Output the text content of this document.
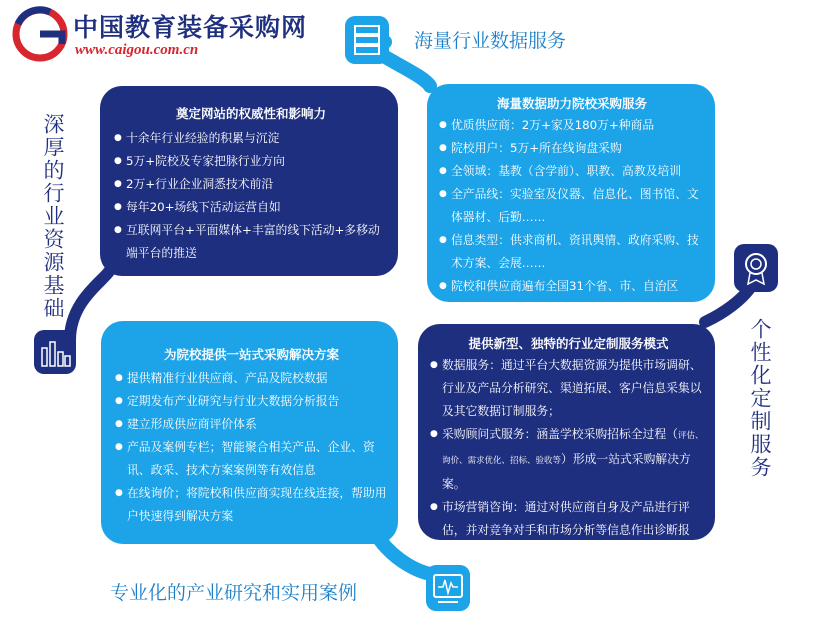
中国教育装备采购网
www.caigou.com.cn	海量行业数据服务
深厚的行业资源基础
个性化定制服务
专业化的产业研究和实用案例

奠定网站的权威性和影响力

● 十余年行业经验的积累与沉淀
● 5万+院校及专家把脉行业方向
● 2万+行业企业洞悉技术前沿
● 每年20+场线下活动运营自如
● 互联网平台+平面媒体+丰富的线下活动+多移动端平台的推送

海量数据助力院校采购服务

● 优质供应商：2万+家及180万+种商品
● 院校用户：5万+所在线询盘采购
● 全领域：基教（含学前）、职教、高教及培训
● 全产品线：实验室及仪器、信息化、图书馆、文体器材、后勤……
● 信息类型：供求商机、资讯舆情、政府采购、技术方案、会展……
● 院校和供应商遍布全国31个省、市、自治区

为院校提供一站式采购解决方案

● 提供精准行业供应商、产品及院校数据
● 定期发布产业研究与行业大数据分析报告
● 建立形成供应商评价体系
● 产品及案例专栏；智能聚合相关产品、企业、资讯、政采、技术方案案例等有效信息
● 在线询价；将院校和供应商实现在线连接，帮助用户快速得到解决方案

提供新型、独特的行业定制服务模式

● 数据服务：通过平台大数据资源为提供市场调研、行业及产品分析研究、渠道拓展、客户信息采集以及其它数据订制服务；
● 采购顾问式服务：涵盖学校采购招标全过程（评估、询价、需求优化、招标、验收等）形成一站式采购解决方案。
● 市场营销咨询：通过对供应商自身及产品进行评估，并对竞争对手和市场分析等信息作出诊断报告，并出具可行性解决方案；
